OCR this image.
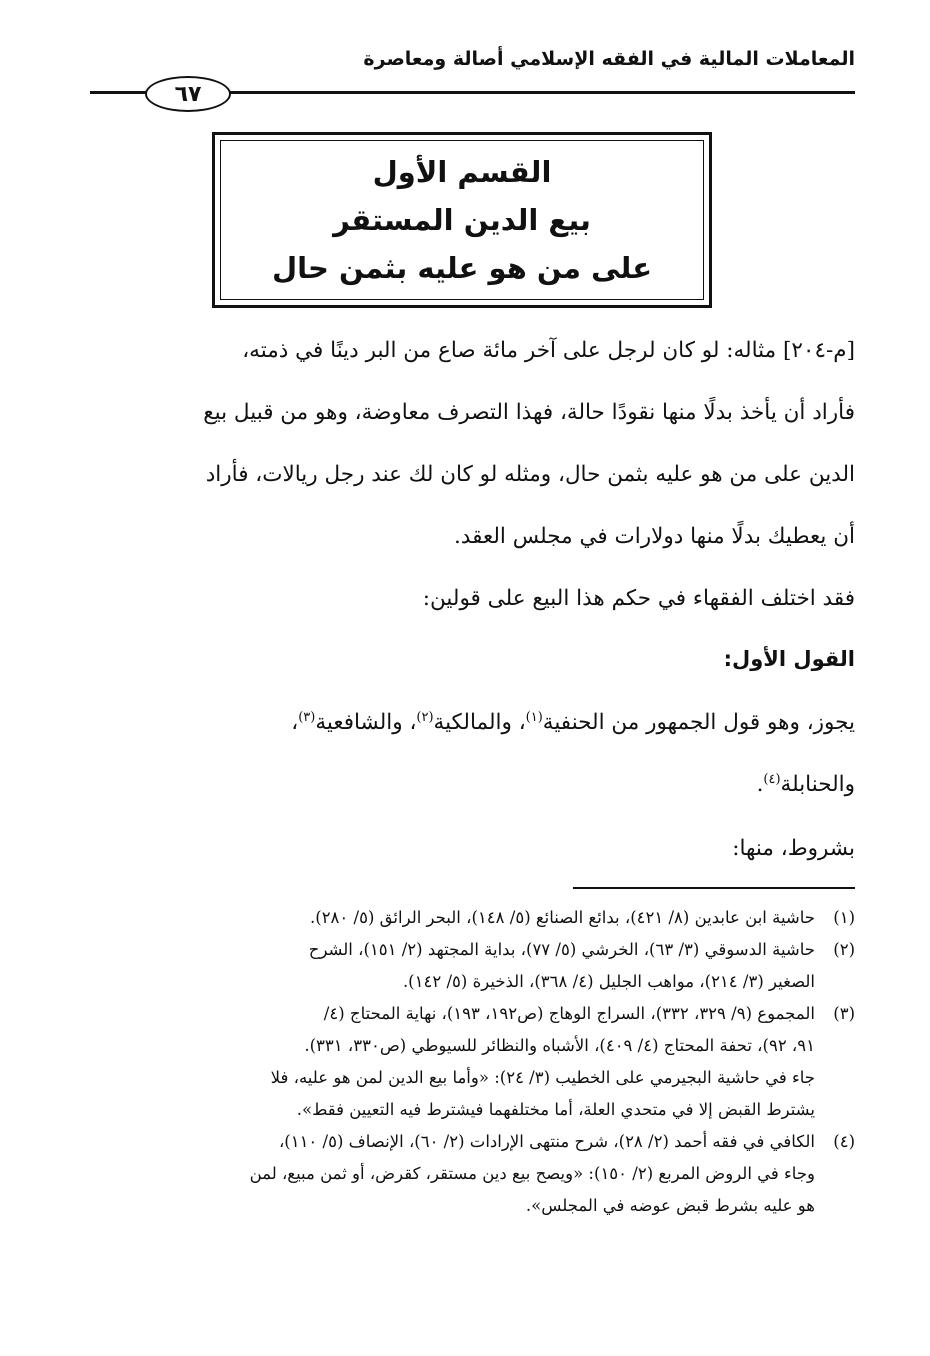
المعاملات المالية في الفقه الإسلامي أصالة ومعاصرة
٦٧
القسم الأول
بيع الدين المستقر
على من هو عليه بثمن حال
[م-٢٠٤] مثاله: لو كان لرجل على آخر مائة صاع من البر دينًا في ذمته،
فأراد أن يأخذ بدلًا منها نقودًا حالة، فهذا التصرف معاوضة، وهو من قبيل بيع
الدين على من هو عليه بثمن حال، ومثله لو كان لك عند رجل ريالات، فأراد
أن يعطيك بدلًا منها دولارات في مجلس العقد.
فقد اختلف الفقهاء في حكم هذا البيع على قولين:
القول الأول:
يجوز، وهو قول الجمهور من الحنفية$^{(١)}$، والمالكية$^{(٢)}$، والشافعية$^{(٣)}$،
والحنابلة$^{(٤)}$.
بشروط، منها:
(١)
حاشية ابن عابدين (٨/ ٤٢١)، بدائع الصنائع (٥/ ١٤٨)، البحر الرائق (٥/ ٢٨٠).
(٢)
حاشية الدسوقي (٣/ ٦٣)، الخرشي (٥/ ٧٧)، بداية المجتهد (٢/ ١٥١)، الشرح
الصغير (٣/ ٢١٤)، مواهب الجليل (٤/ ٣٦٨)، الذخيرة (٥/ ١٤٢).
(٣)
المجموع (٩/ ٣٢٩، ٣٣٢)، السراج الوهاج (ص١٩٢، ١٩٣)، نهاية المحتاج (٤/
٩١، ٩٢)، تحفة المحتاج (٤/ ٤٠٩)، الأشباه والنظائر للسيوطي (ص٣٣٠، ٣٣١).
جاء في حاشية البجيرمي على الخطيب (٣/ ٢٤): «وأما بيع الدين لمن هو عليه، فلا
يشترط القبض إلا في متحدي العلة، أما مختلفهما فيشترط فيه التعيين فقط».
(٤)
الكافي في فقه أحمد (٢/ ٢٨)، شرح منتهى الإرادات (٢/ ٦٠)، الإنصاف (٥/ ١١٠)،
وجاء في الروض المربع (٢/ ١٥٠): «ويصح بيع دين مستقر، كقرض، أو ثمن مبيع، لمن
هو عليه بشرط قبض عوضه في المجلس».
